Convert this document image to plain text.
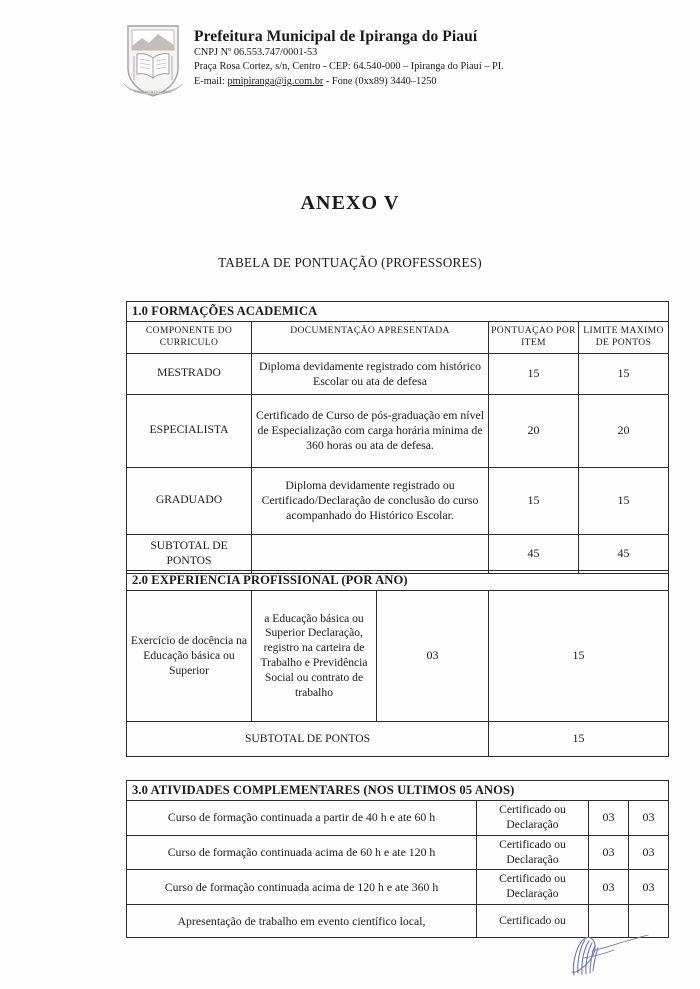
IPIRANGA DO PIAUI
Prefeitura Municipal de Ipiranga do Piauí
CNPJ Nº 06.553.747/0001-53
Praça Rosa Cortez, s/n, Centro - CEP: 64.540-000 – Ipiranga do Piauí – PI.
E-mail: pmipiranga@ig.com.br - Fone (0xx89) 3440–1250
ANEXO V
TABELA DE PONTUAÇÃO (PROFESSORES)
1.0 FORMAÇÕES ACADEMICA			
COMPONENTE DO CURRICULO	DOCUMENTAÇÃO APRESENTADA	PONTUAÇAO POR ITEM	LIMITE MAXIMO DE PONTOS
MESTRADO	Diploma devidamente registrado com histórico Escolar ou ata de defesa	15	15
ESPECIALISTA	Certificado de Curso de pós-graduação em nível de Especialização com carga horária mínima de 360 horas ou ata de defesa.	20	20
GRADUADO	Diploma devidamente registrado ou Certificado/Declaração de conclusão do curso acompanhado do Histórico Escolar.	15	15
SUBTOTAL DE PONTOS		45	45
2.0 EXPERIENCIA PROFISSIONAL (POR ANO)			
Exercício de docência na Educação básica ou Superior	a Educação básica ou Superior Declaração, registro na carteira de Trabalho e Previdência Social ou contrato de trabalho	03	15
SUBTOTAL DE PONTOS			15
3.0 ATIVIDADES COMPLEMENTARES (NOS ULTIMOS 05 ANOS)			
Curso de formação continuada a partir de 40 h e ate 60 h	Certificado ou Declaração	03	03
Curso de formação continuada acima de 60 h e ate 120 h	Certificado ou Declaração	03	03
Curso de formação continuada acima de 120 h e ate 360 h	Certificado ou Declaração	03	03
Apresentação de trabalho em evento científico local,	Certificado ou		
